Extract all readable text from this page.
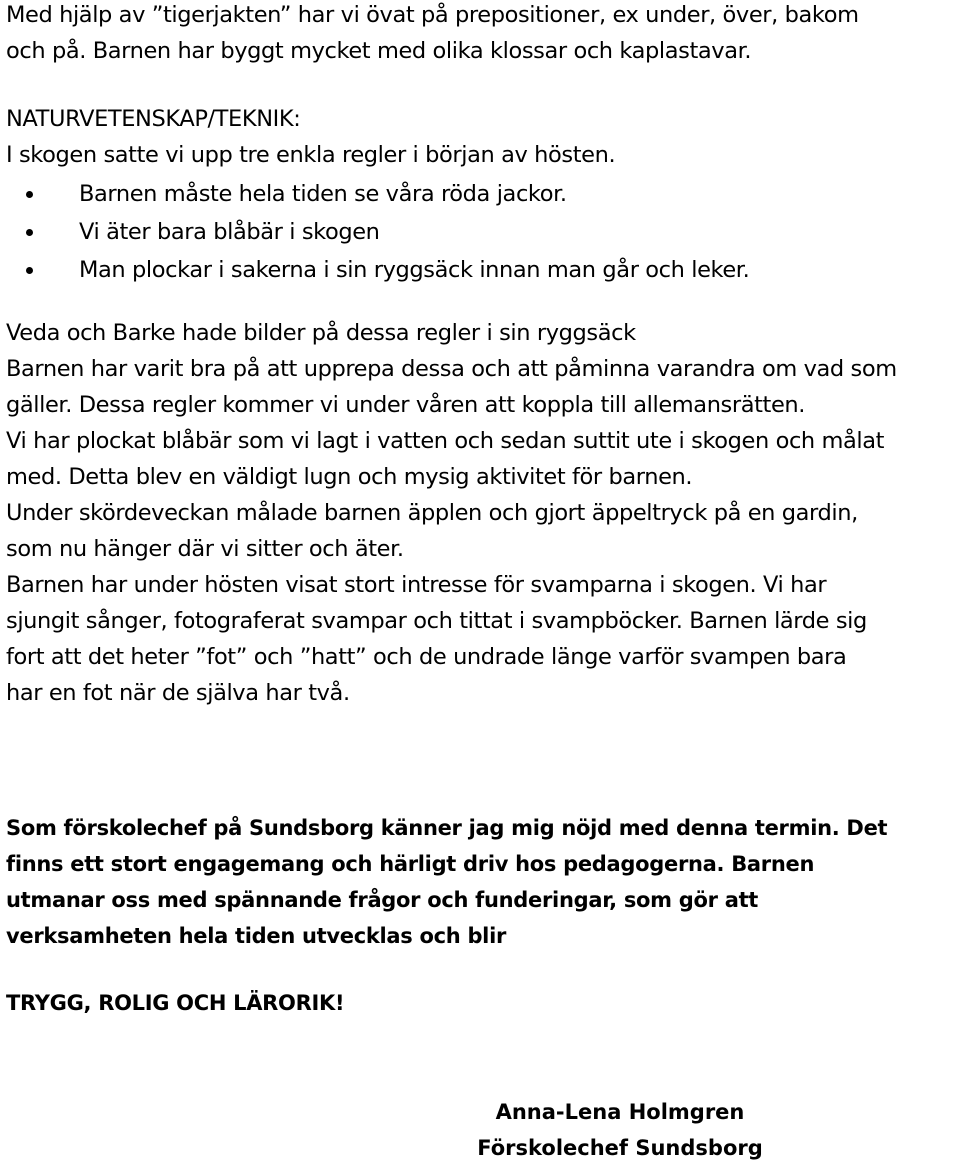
Med hjälp av ”tigerjakten” har vi övat på prepositioner, ex under, över, bakom
och på. Barnen har byggt mycket med olika klossar och kaplastavar.

NATURVETENSKAP/TEKNIK:
I skogen satte vi upp tre enkla regler i början av hösten.

Barnen måste hela tiden se våra röda jackor.
Vi äter bara blåbär i skogen
Man plockar i sakerna i sin ryggsäck innan man går och leker.

Veda och Barke hade bilder på dessa regler i sin ryggsäck
Barnen har varit bra på att upprepa dessa och att påminna varandra om vad som
gäller. Dessa regler kommer vi under våren att koppla till allemansrätten.
Vi har plockat blåbär som vi lagt i vatten och sedan suttit ute i skogen och målat
med. Detta blev en väldigt lugn och mysig aktivitet för barnen.
Under skördeveckan målade barnen äpplen och gjort äppeltryck på en gardin,
som nu hänger där vi sitter och äter.
Barnen har under hösten visat stort intresse för svamparna i skogen. Vi har
sjungit sånger, fotograferat svampar och tittat i svampböcker. Barnen lärde sig
fort att det heter ”fot” och ”hatt” och de undrade länge varför svampen bara
har en fot när de själva har två.

Som förskolechef på Sundsborg känner jag mig nöjd med denna termin. Det
finns ett stort engagemang och härligt driv hos pedagogerna. Barnen
utmanar oss med spännande frågor och funderingar, som gör att
verksamheten hela tiden utvecklas och blir

TRYGG, ROLIG OCH LÄRORIK!

Anna-Lena Holmgren
Förskolechef Sundsborg
